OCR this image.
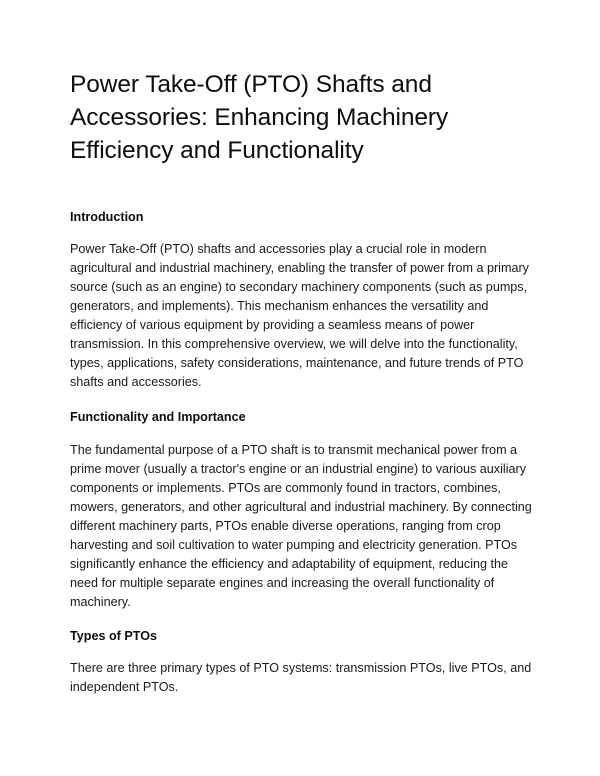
Power Take-Off (PTO) Shafts and Accessories: Enhancing Machinery Efficiency and Functionality
Introduction

Power Take-Off (PTO) shafts and accessories play a crucial role in modern agricultural and industrial machinery, enabling the transfer of power from a primary source (such as an engine) to secondary machinery components (such as pumps, generators, and implements). This mechanism enhances the versatility and efficiency of various equipment by providing a seamless means of power transmission. In this comprehensive overview, we will delve into the functionality, types, applications, safety considerations, maintenance, and future trends of PTO shafts and accessories.

Functionality and Importance

The fundamental purpose of a PTO shaft is to transmit mechanical power from a prime mover (usually a tractor's engine or an industrial engine) to various auxiliary components or implements. PTOs are commonly found in tractors, combines, mowers, generators, and other agricultural and industrial machinery. By connecting different machinery parts, PTOs enable diverse operations, ranging from crop harvesting and soil cultivation to water pumping and electricity generation. PTOs significantly enhance the efficiency and adaptability of equipment, reducing the need for multiple separate engines and increasing the overall functionality of machinery.

Types of PTOs

There are three primary types of PTO systems: transmission PTOs, live PTOs, and independent PTOs.
